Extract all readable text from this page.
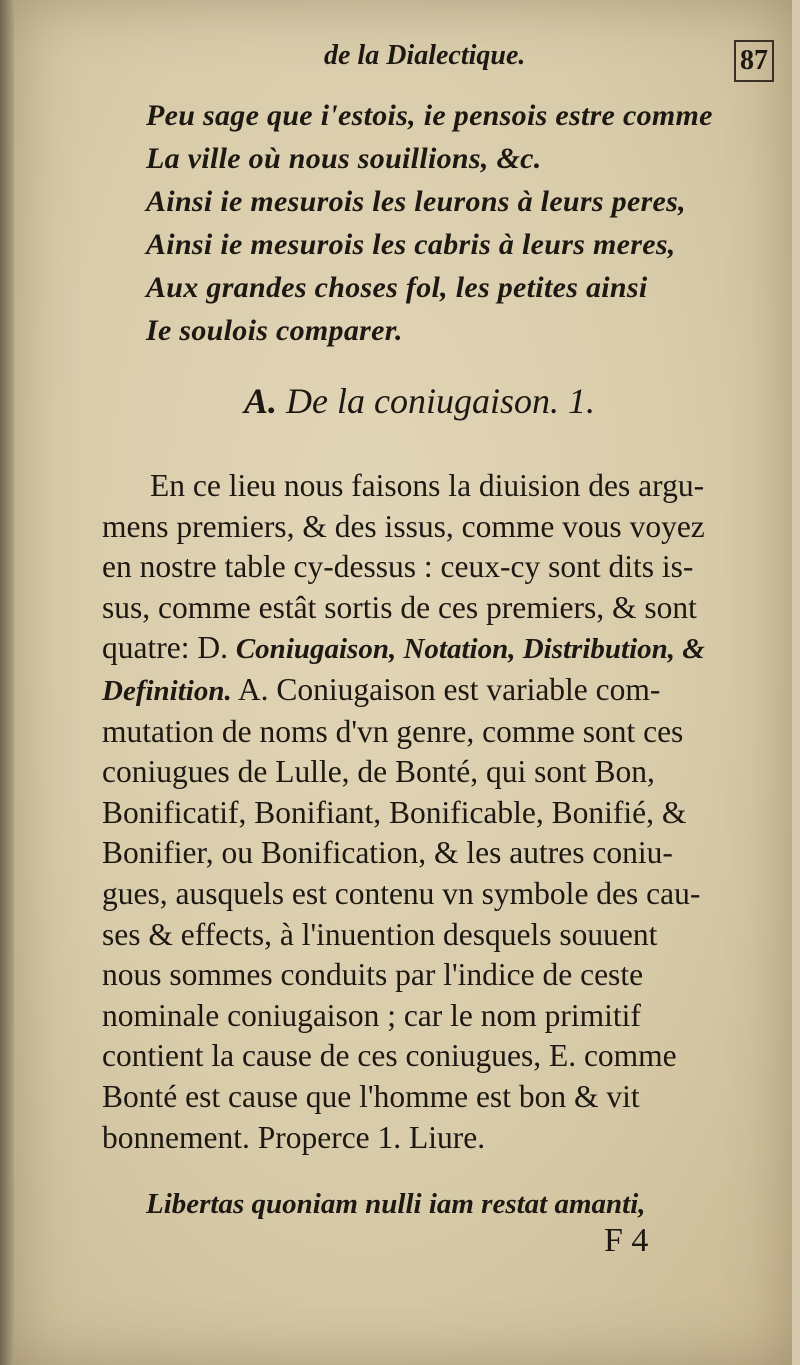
de la Dialectique.	87
Peu sage que i'estois, ie pensois estre comme
La ville où nous souillions, &c.
Ainsi ie mesurois les leurons à leurs peres,
Ainsi ie mesurois les cabris à leurs meres,
Aux grandes choses fol, les petites ainsi
Ie soulois comparer.
A. De la coniugaison. 1.
En ce lieu nous faisons la diuision des argu-
mens premiers, & des issus, comme vous voyez
en nostre table cy-dessus : ceux-cy sont dits is-
sus, comme estât sortis de ces premiers, & sont
quatre: D. Coniugaison, Notation, Distribution, &
Definition. A. Coniugaison est variable com-
mutation de noms d'vn genre, comme sont ces
coniugues de Lulle, de Bonté, qui sont Bon,
Bonificatif, Bonifiant, Bonificable, Bonifié, &
Bonifier, ou Bonification, & les autres coniu-
gues, ausquels est contenu vn symbole des cau-
ses & effects, à l'inuention desquels souuent
nous sommes conduits par l'indice de ceste
nominale coniugaison ; car le nom primitif
contient la cause de ces coniugues, E. comme
Bonté est cause que l'homme est bon & vit
bonnement. Properce 1. Liure.
Libertas quoniam nulli iam restat amanti,
F 4
